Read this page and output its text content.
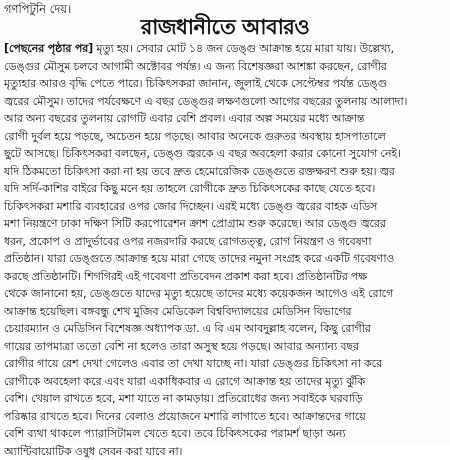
গণপিটুনি দেয়।
রাজধানীতে আবারও
[পেছনের পৃষ্ঠার পর] মৃত্যু হয়। সেবার মোট ১৪ জন ডেঙ্গু আক্রান্ত হয়ে মারা যায়। উল্লেখ্য,
ডেঙ্গুর মৌসুম চলবে আগামী অক্টোবর পর্যন্ত। এ জন্য বিশেষজ্ঞরা আশঙ্কা করছেন, রোগীর
মৃত্যুহার আরও বৃদ্ধি পেতে পারে। চিকিৎসকরা জানান, জুলাই থেকে সেপ্টেম্বর পর্যন্ত ডেঙ্গু
জ্বরের মৌসুম। তাদের পর্যবেক্ষণে এ বছর ডেঙ্গুর লক্ষণগুলো আগের বছরের তুলনায় আলাদা।
আর অন্য বছরের তুলনায় রোগটি এবার বেশি প্রবল। এবার অল্প সময়ের মধ্যে আক্রান্ত
রোগী দুর্বল হয়ে পড়ছে, অচেতন হয়ে পড়ছে। আবার অনেকে গুরুতর অবস্থায় হাসপাতালে
ছুটে আসছে। চিকিৎসকরা বলছেন, ডেঙ্গু জ্বরকে এ বছর অবহেলা করার কোনো সুযোগ নেই।
যদি ঠিকমতো চিকিৎসা করা না হয় তবে দ্রুত হেমোরেজিক ডেঙ্গুতে রক্তক্ষরণ শুরু হয়। জ্বর
যদি সর্দি-কাশির বাইরে কিছু মনে হয় তাহলে রোগীকে দ্রুত চিকিৎসকের কাছে যেতে হবে।
চিকিৎসকরা মশারি ব্যবহারের ওপর জোর দিচ্ছেন। এরই মধ্যে ডেঙ্গু জ্বরের বাহক এডিস
মশা নিয়ন্ত্রণে ঢাকা দক্ষিণ সিটি করপোরেশন ক্রাশ প্রোগ্রাম শুরু করেছে। আর ডেঙ্গু জ্বরের
ধরন, প্রকোপ ও প্রাদুর্ভাবের ওপর নজরদারি করছে রোগতত্ত্ব, রোগ নিয়ন্ত্রণ ও গবেষণা
প্রতিষ্ঠান। যারা ডেঙ্গুতে আক্রান্ত হয়ে মারা গেছে তাদের নমুনা সংগ্রহ করে একটি গবেষণাও
করছে প্রতিষ্ঠানটি। শিগগিরই এই গবেষণা প্রতিবেদন প্রকাশ করা হবে। প্রতিষ্ঠানটির পক্ষ
থেকে জানানো হয়, ডেঙ্গুতে যাদের মৃত্যু হয়েছে তাদের মধ্যে কয়েকজন আগেও এই রোগে
আক্রান্ত হয়েছিল। বঙ্গবন্ধু শেখ মুজিব মেডিকেল বিশ্ববিদ্যালয়ের মেডিসিন বিভাগের
চেয়ারম্যান ও মেডিসিন বিশেষজ্ঞ অধ্যাপক ডা. এ বি এম আবদুল্লাহ বলেন, কিছু রোগীর
গায়ের তাপমাত্রা ততো বেশি না হলেও তারা অসুস্থ হয়ে পড়ছে। আবার অন্যান্য বছর
রোগীর গায়ে রেশ দেখা গেলেও এবার তা দেখা যাচ্ছে না। যারা ডেঙ্গুর চিকিৎসা না করে
রোগীকে অবহেলা করে এবং যারা একাধিকবার এ রোগে আক্রান্ত হয় তাদের মৃত্যু ঝুঁকি
বেশি। খেয়াল রাখতে হবে, মশা যাতে না কামড়ায়। প্রতিরোধের জন্য সবাইকে ঘরবাড়ি
পরিষ্কার রাখতে হবে। দিনের বেলাও প্রয়োজনে মশারি লাগাতে হবে। আক্রান্তদের গায়ে
বেশি ব্যথা থাকলে প্যারাসিটামল খেতে হবে। তবে চিকিৎসকের পরামর্শ ছাড়া অন্য
অ্যান্টিবায়োটিক ওষুধ সেবন করা যাবে না।
